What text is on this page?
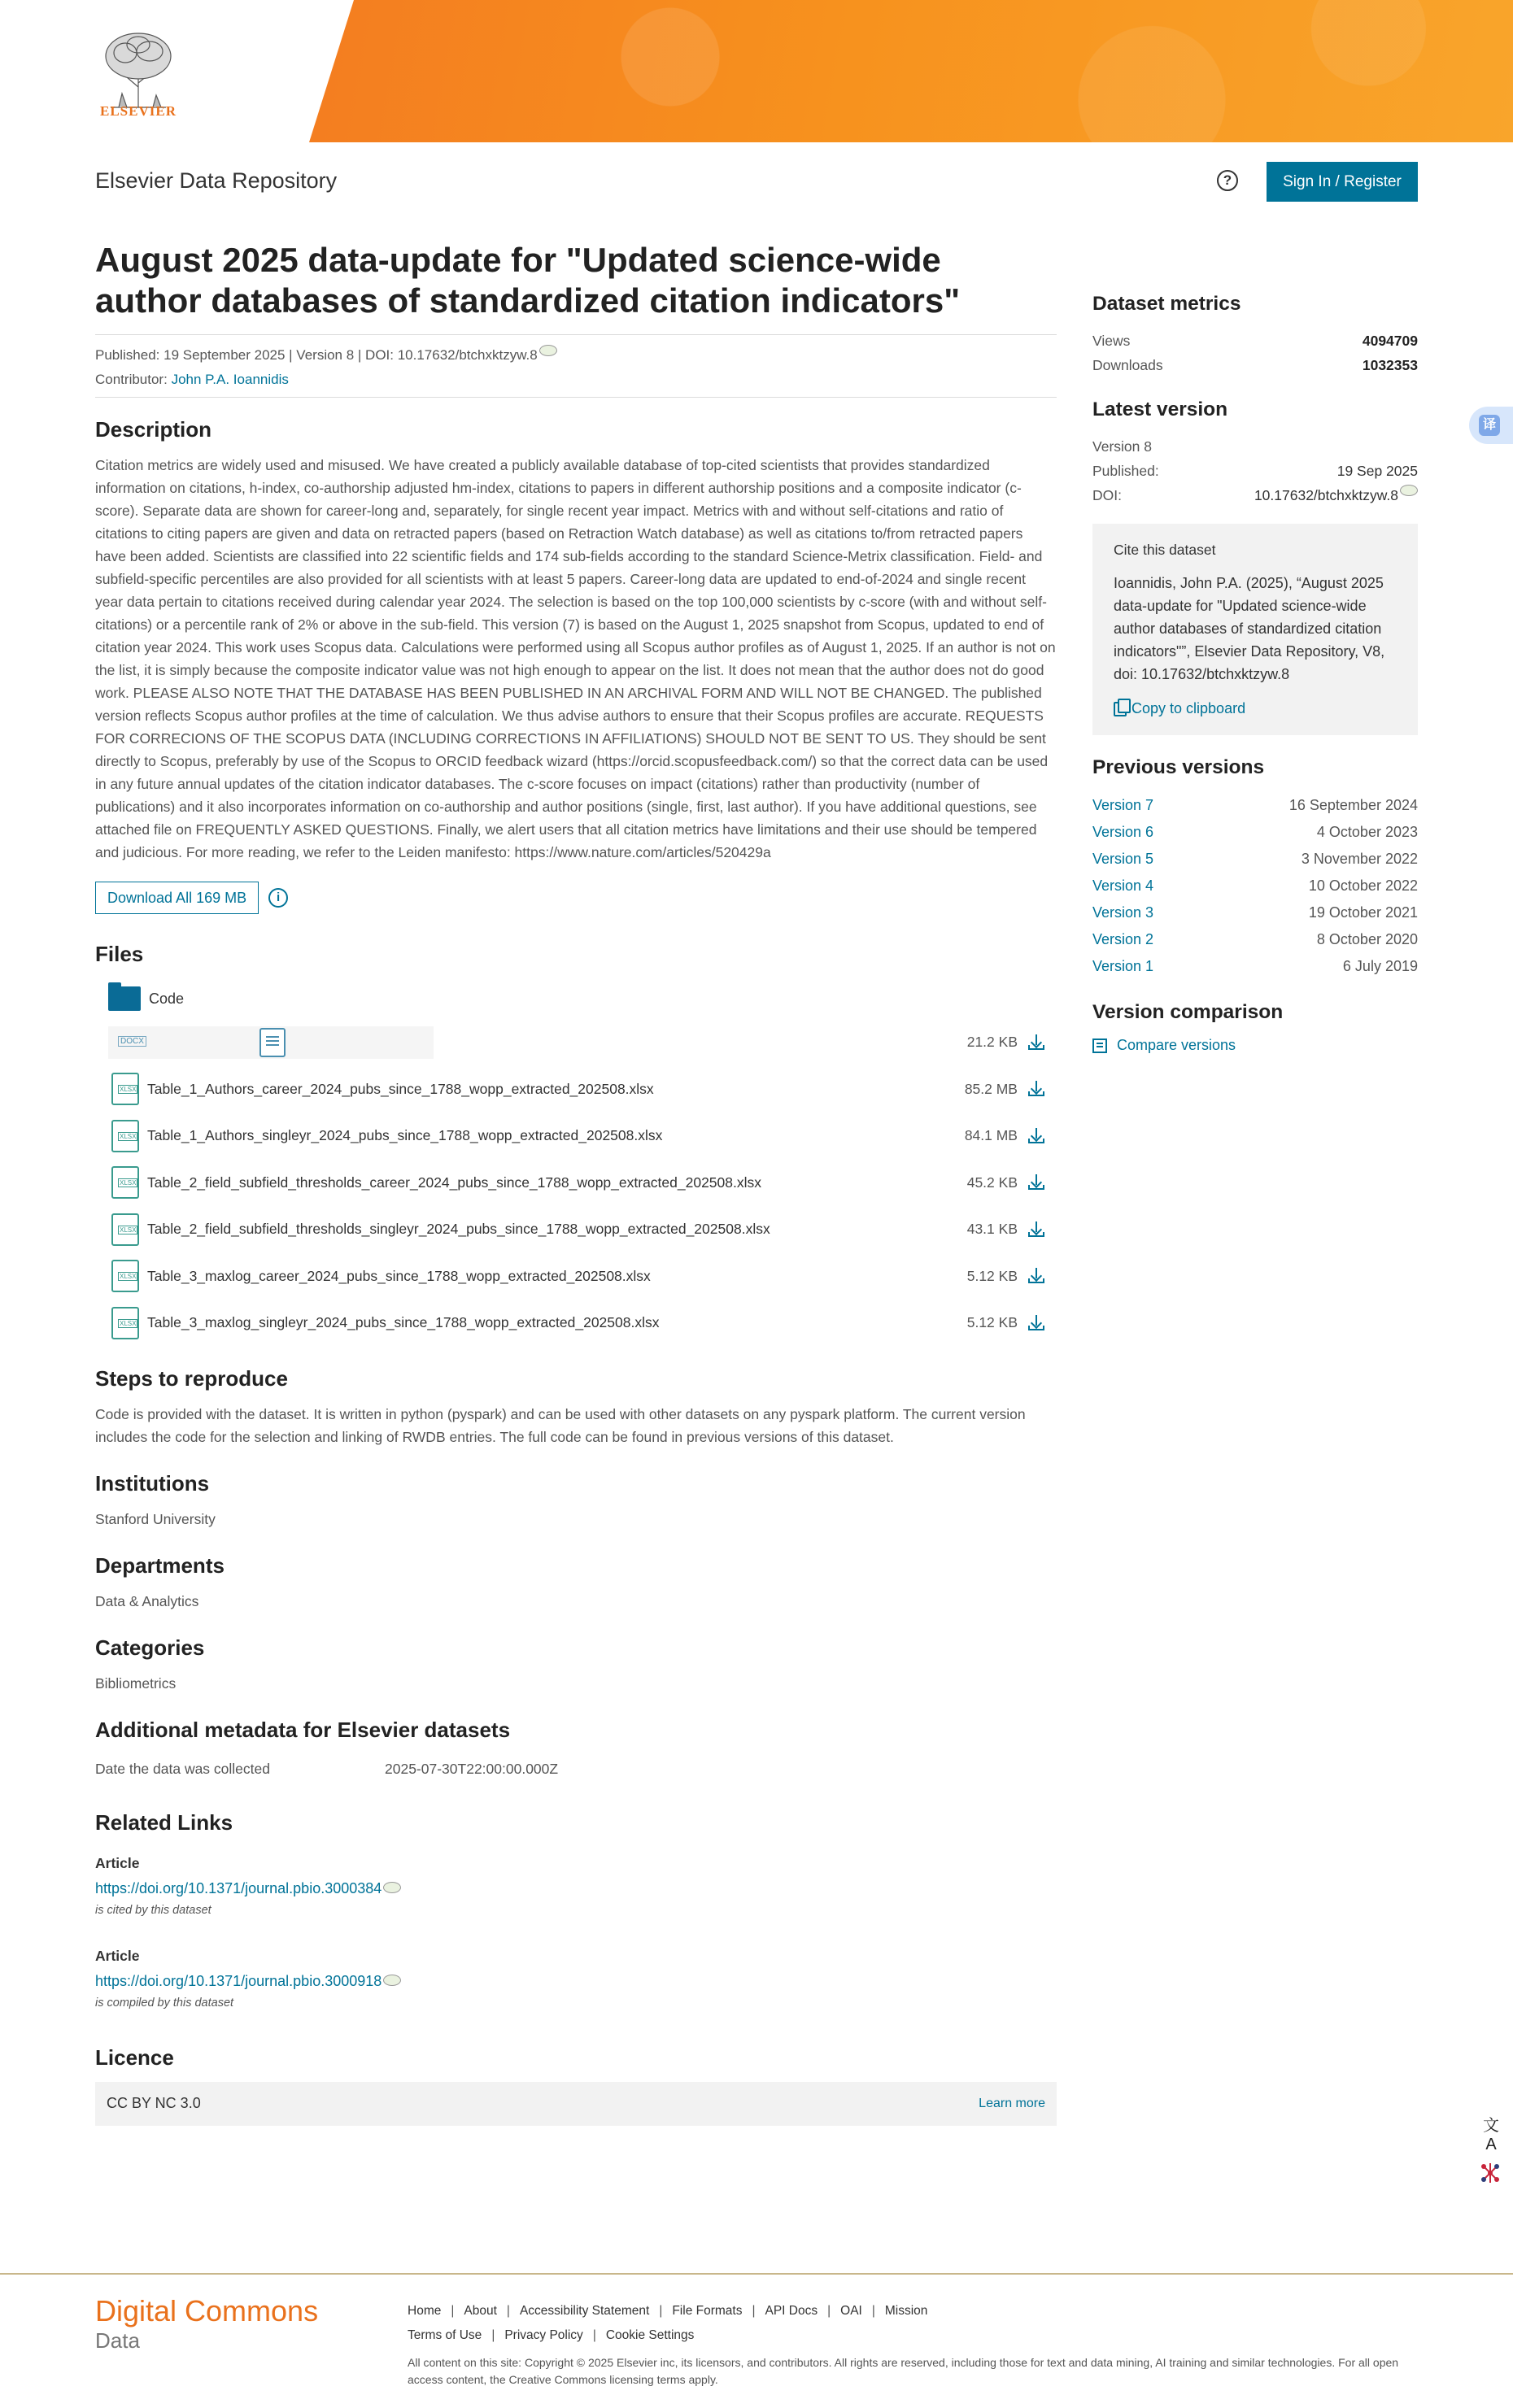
ELSEVIER
Elsevier Data Repository	?	Sign In / Register
August 2025 data-update for "Updated science-wide author databases of standardized citation indicators"
Published: 19 September 2025 | Version 8 | DOI: 10.17632/btchxktzyw.8
Contributor: John P.A. Ioannidis
Description

Citation metrics are widely used and misused. We have created a publicly available database of top-cited scientists that provides standardized information on citations, h-index, co-authorship adjusted hm-index, citations to papers in different authorship positions and a composite indicator (c-score). Separate data are shown for career-long and, separately, for single recent year impact. Metrics with and without self-citations and ratio of citations to citing papers are given and data on retracted papers (based on Retraction Watch database) as well as citations to/from retracted papers have been added. Scientists are classified into 22 scientific fields and 174 sub-fields according to the standard Science-Metrix classification. Field- and subfield-specific percentiles are also provided for all scientists with at least 5 papers. Career-long data are updated to end-of-2024 and single recent year data pertain to citations received during calendar year 2024. The selection is based on the top 100,000 scientists by c-score (with and without self-citations) or a percentile rank of 2% or above in the sub-field. This version (7) is based on the August 1, 2025 snapshot from Scopus, updated to end of citation year 2024. This work uses Scopus data. Calculations were performed using all Scopus author profiles as of August 1, 2025. If an author is not on the list, it is simply because the composite indicator value was not high enough to appear on the list. It does not mean that the author does not do good work. PLEASE ALSO NOTE THAT THE DATABASE HAS BEEN PUBLISHED IN AN ARCHIVAL FORM AND WILL NOT BE CHANGED. The published version reflects Scopus author profiles at the time of calculation. We thus advise authors to ensure that their Scopus profiles are accurate. REQUESTS FOR CORRECIONS OF THE SCOPUS DATA (INCLUDING CORRECTIONS IN AFFILIATIONS) SHOULD NOT BE SENT TO US. They should be sent directly to Scopus, preferably by use of the Scopus to ORCID feedback wizard (https://orcid.scopusfeedback.com/) so that the correct data can be used in any future annual updates of the citation indicator databases. The c-score focuses on impact (citations) rather than productivity (number of publications) and it also incorporates information on co-authorship and author positions (single, first, last author). If you have additional questions, see attached file on FREQUENTLY ASKED QUESTIONS. Finally, we alert users that all citation metrics have limitations and their use should be tempered and judicious. For more reading, we refer to the Leiden manifesto: https://www.nature.com/articles/520429a

Download All 169 MB	i
Files
Code
DOCX	21.2 KB
XLSX Table_1_Authors_career_2024_pubs_since_1788_wopp_extracted_202508.xlsx	85.2 MB
XLSX Table_1_Authors_singleyr_2024_pubs_since_1788_wopp_extracted_202508.xlsx	84.1 MB
XLSX Table_2_field_subfield_thresholds_career_2024_pubs_since_1788_wopp_extracted_202508.xlsx	45.2 KB
XLSX Table_2_field_subfield_thresholds_singleyr_2024_pubs_since_1788_wopp_extracted_202508.xlsx	43.1 KB
XLSX Table_3_maxlog_career_2024_pubs_since_1788_wopp_extracted_202508.xlsx	5.12 KB
XLSX Table_3_maxlog_singleyr_2024_pubs_since_1788_wopp_extracted_202508.xlsx	5.12 KB
Steps to reproduce

Code is provided with the dataset. It is written in python (pyspark) and can be used with other datasets on any pyspark platform. The current version includes the code for the selection and linking of RWDB entries. The full code can be found in previous versions of this dataset.

Institutions

Stanford University

Departments

Data & Analytics

Categories

Bibliometrics

Additional metadata for Elsevier datasets
Date the data was collected	2025-07-30T22:00:00.000Z
Related Links
Article
https://doi.org/10.1371/journal.pbio.3000384
is cited by this dataset
Article
https://doi.org/10.1371/journal.pbio.3000918
is compiled by this dataset
Licence
CC BY NC 3.0	Learn more
Dataset metrics
Views	4094709
Downloads	1032353
Latest version
Version 8
Published:	19 Sep 2025
DOI:	10.17632/btchxktzyw.8
Cite this dataset
Ioannidis, John P.A. (2025), “August 2025 data-update for "Updated science-wide author databases of standardized citation indicators"”, Elsevier Data Repository, V8, doi: 10.17632/btchxktzyw.8
Copy to clipboard
Previous versions
Version 7	16 September 2024
Version 6	4 October 2023
Version 5	3 November 2022
Version 4	10 October 2022
Version 3	19 October 2021
Version 2	8 October 2020
Version 1	6 July 2019
Version comparison
Compare versions
译
文A
Digital Commons
Data
Home | About | Accessibility Statement | File Formats | API Docs | OAI | Mission
Terms of Use | Privacy Policy | Cookie Settings
All content on this site: Copyright © 2025 Elsevier inc, its licensors, and contributors. All rights are reserved, including those for text and data mining, AI training and similar technologies. For all open access content, the Creative Commons licensing terms apply.
